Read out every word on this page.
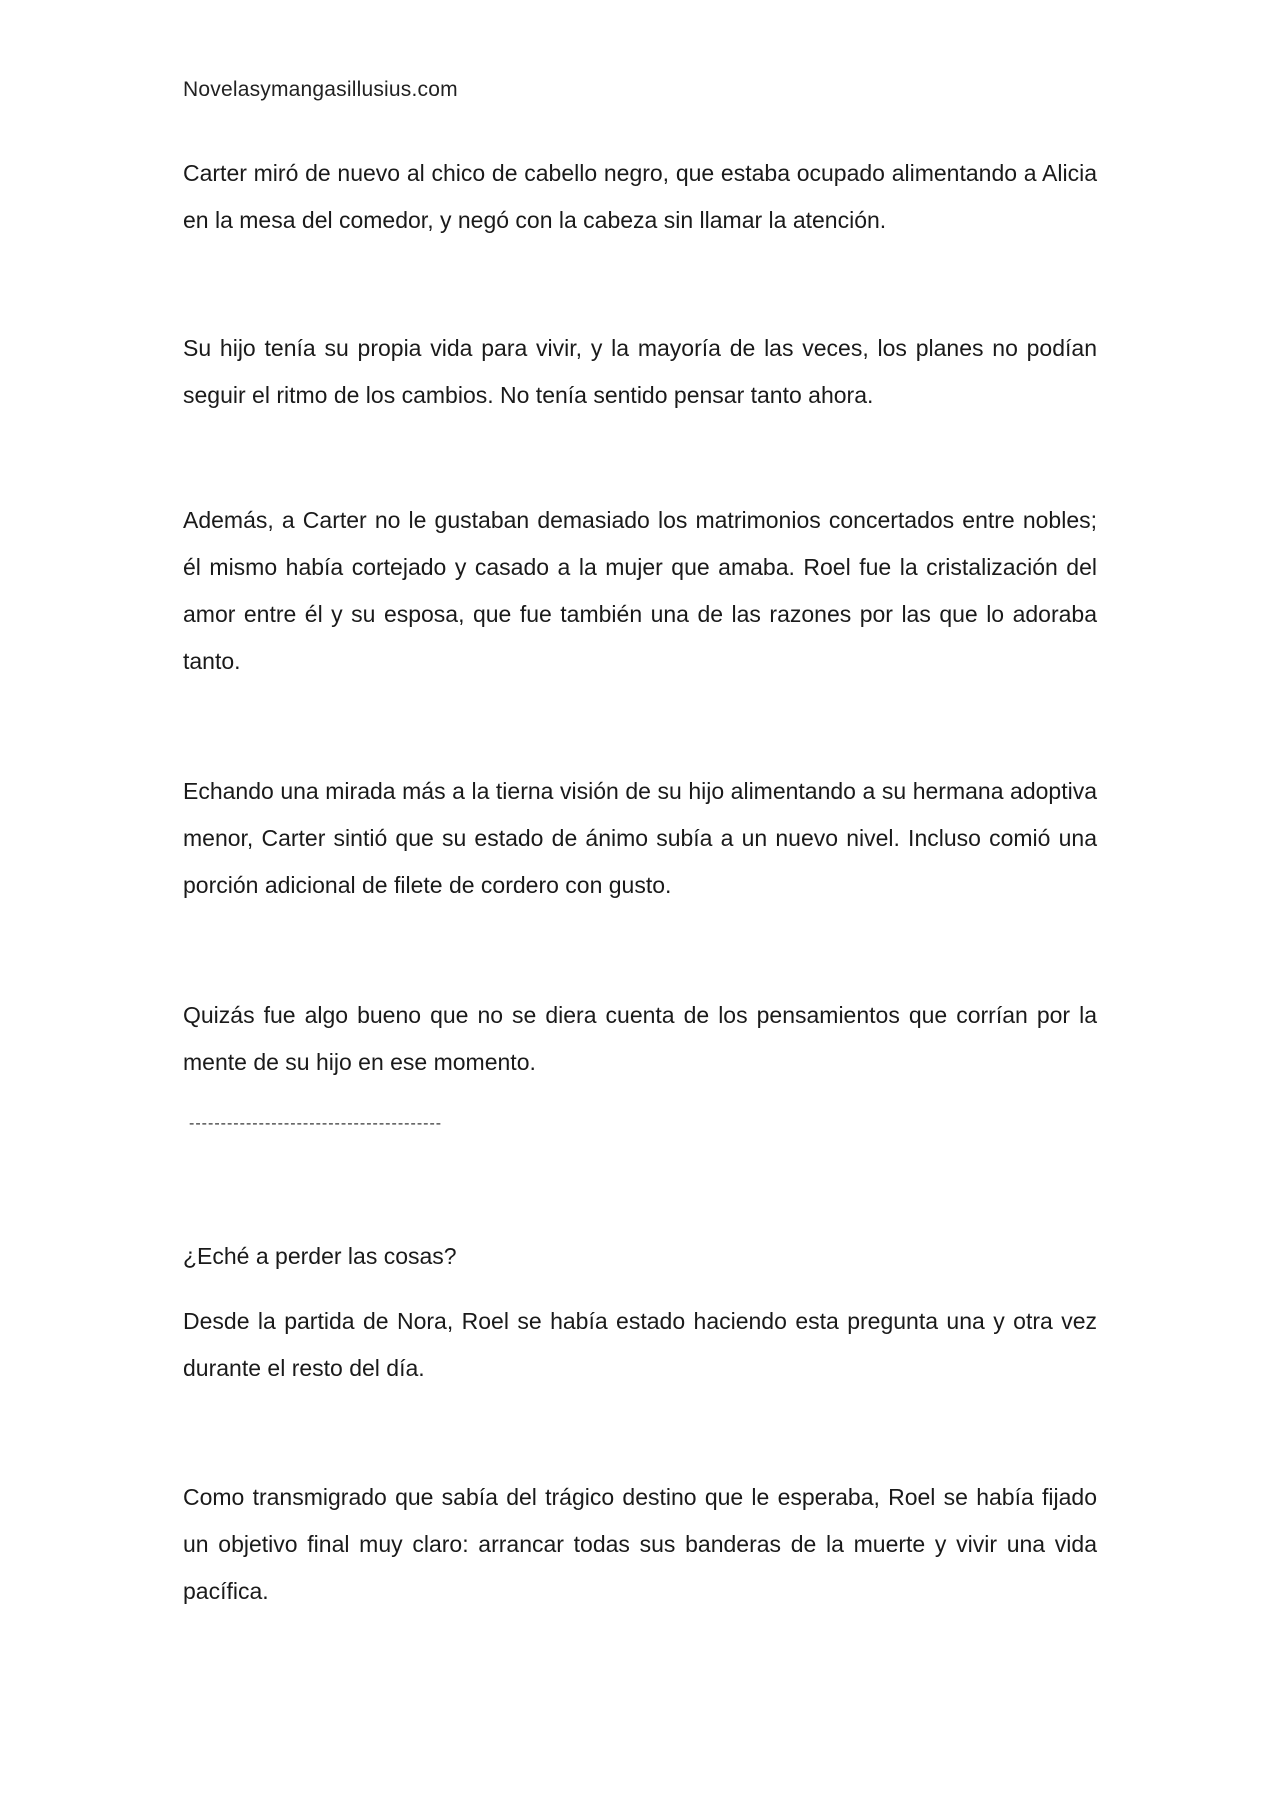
Novelasymangasillusius.com

Carter miró de nuevo al chico de cabello negro, que estaba ocupado alimentando a Alicia en la mesa del comedor, y negó con la cabeza sin llamar la atención.

Su hijo tenía su propia vida para vivir, y la mayoría de las veces, los planes no podían seguir el ritmo de los cambios. No tenía sentido pensar tanto ahora.

Además, a Carter no le gustaban demasiado los matrimonios concertados entre nobles; él mismo había cortejado y casado a la mujer que amaba. Roel fue la cristalización del amor entre él y su esposa, que fue también una de las razones por las que lo adoraba tanto.

Echando una mirada más a la tierna visión de su hijo alimentando a su hermana adoptiva menor, Carter sintió que su estado de ánimo subía a un nuevo nivel. Incluso comió una porción adicional de filete de cordero con gusto.

Quizás fue algo bueno que no se diera cuenta de los pensamientos que corrían por la mente de su hijo en ese momento.

----------------------------------------

¿Eché a perder las cosas?

Desde la partida de Nora, Roel se había estado haciendo esta pregunta una y otra vez durante el resto del día.

Como transmigrado que sabía del trágico destino que le esperaba, Roel se había fijado un objetivo final muy claro: arrancar todas sus banderas de la muerte y vivir una vida pacífica.
